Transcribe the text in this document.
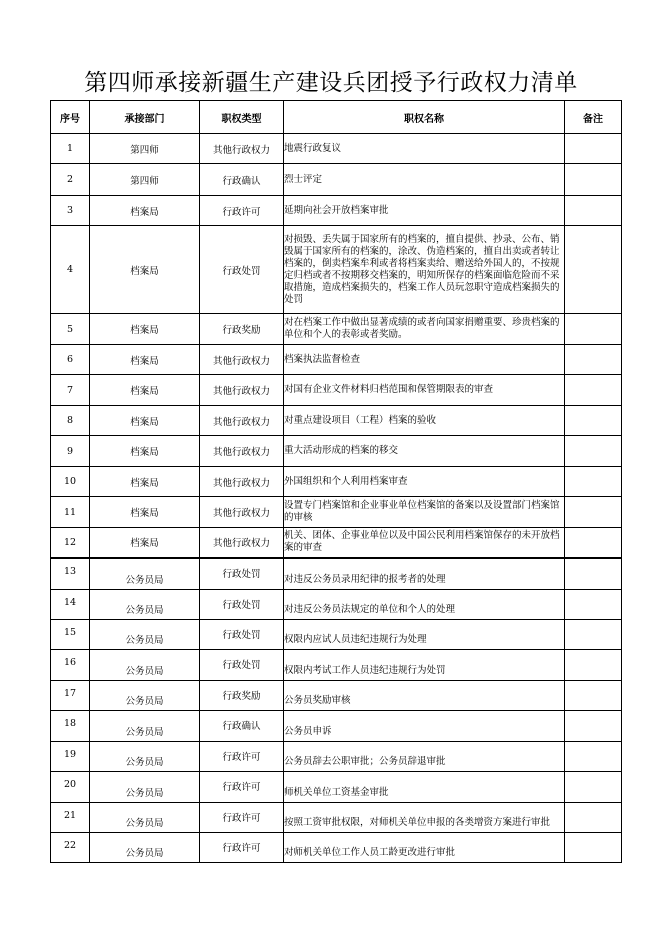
第四师承接新疆生产建设兵团授予行政权力清单
序号	承接部门	职权类型	职权名称	备注
1	第四师	其他行政权力	地震行政复议	
2	第四师	行政确认	烈士评定	
3	档案局	行政许可	延期向社会开放档案审批	
4	档案局	行政处罚	对损毁、丢失属于国家所有的档案的，擅自提供、抄录、公布、销毁属于国家所有的档案的，涂改、伪造档案的，擅自出卖或者转让档案的，倒卖档案牟利或者将档案卖给、赠送给外国人的，不按规定归档或者不按期移交档案的，明知所保存的档案面临危险而不采取措施，造成档案损失的，档案工作人员玩忽职守造成档案损失的处罚	
5	档案局	行政奖励	对在档案工作中做出显著成绩的或者向国家捐赠重要、珍贵档案的单位和个人的表彰或者奖励。	
6	档案局	其他行政权力	档案执法监督检查	
7	档案局	其他行政权力	对国有企业文件材料归档范围和保管期限表的审查	
8	档案局	其他行政权力	对重点建设项目（工程）档案的验收	
9	档案局	其他行政权力	重大活动形成的档案的移交	
10	档案局	其他行政权力	外国组织和个人利用档案审查	
11	档案局	其他行政权力	设置专门档案馆和企业事业单位档案馆的备案以及设置部门档案馆的审核	
12	档案局	其他行政权力	机关、团体、企事业单位以及中国公民利用档案馆保存的未开放档案的审查	
13	公务员局	行政处罚	对违反公务员录用纪律的报考者的处理	
14	公务员局	行政处罚	对违反公务员法规定的单位和个人的处理	
15	公务员局	行政处罚	权限内应试人员违纪违规行为处理	
16	公务员局	行政处罚	权限内考试工作人员违纪违规行为处罚	
17	公务员局	行政奖励	公务员奖励审核	
18	公务员局	行政确认	公务员申诉	
19	公务员局	行政许可	公务员辞去公职审批；公务员辞退审批	
20	公务员局	行政许可	师机关单位工资基金审批	
21	公务员局	行政许可	按照工资审批权限，对师机关单位申报的各类增资方案进行审批	
22	公务员局	行政许可	对师机关单位工作人员工龄更改进行审批	
